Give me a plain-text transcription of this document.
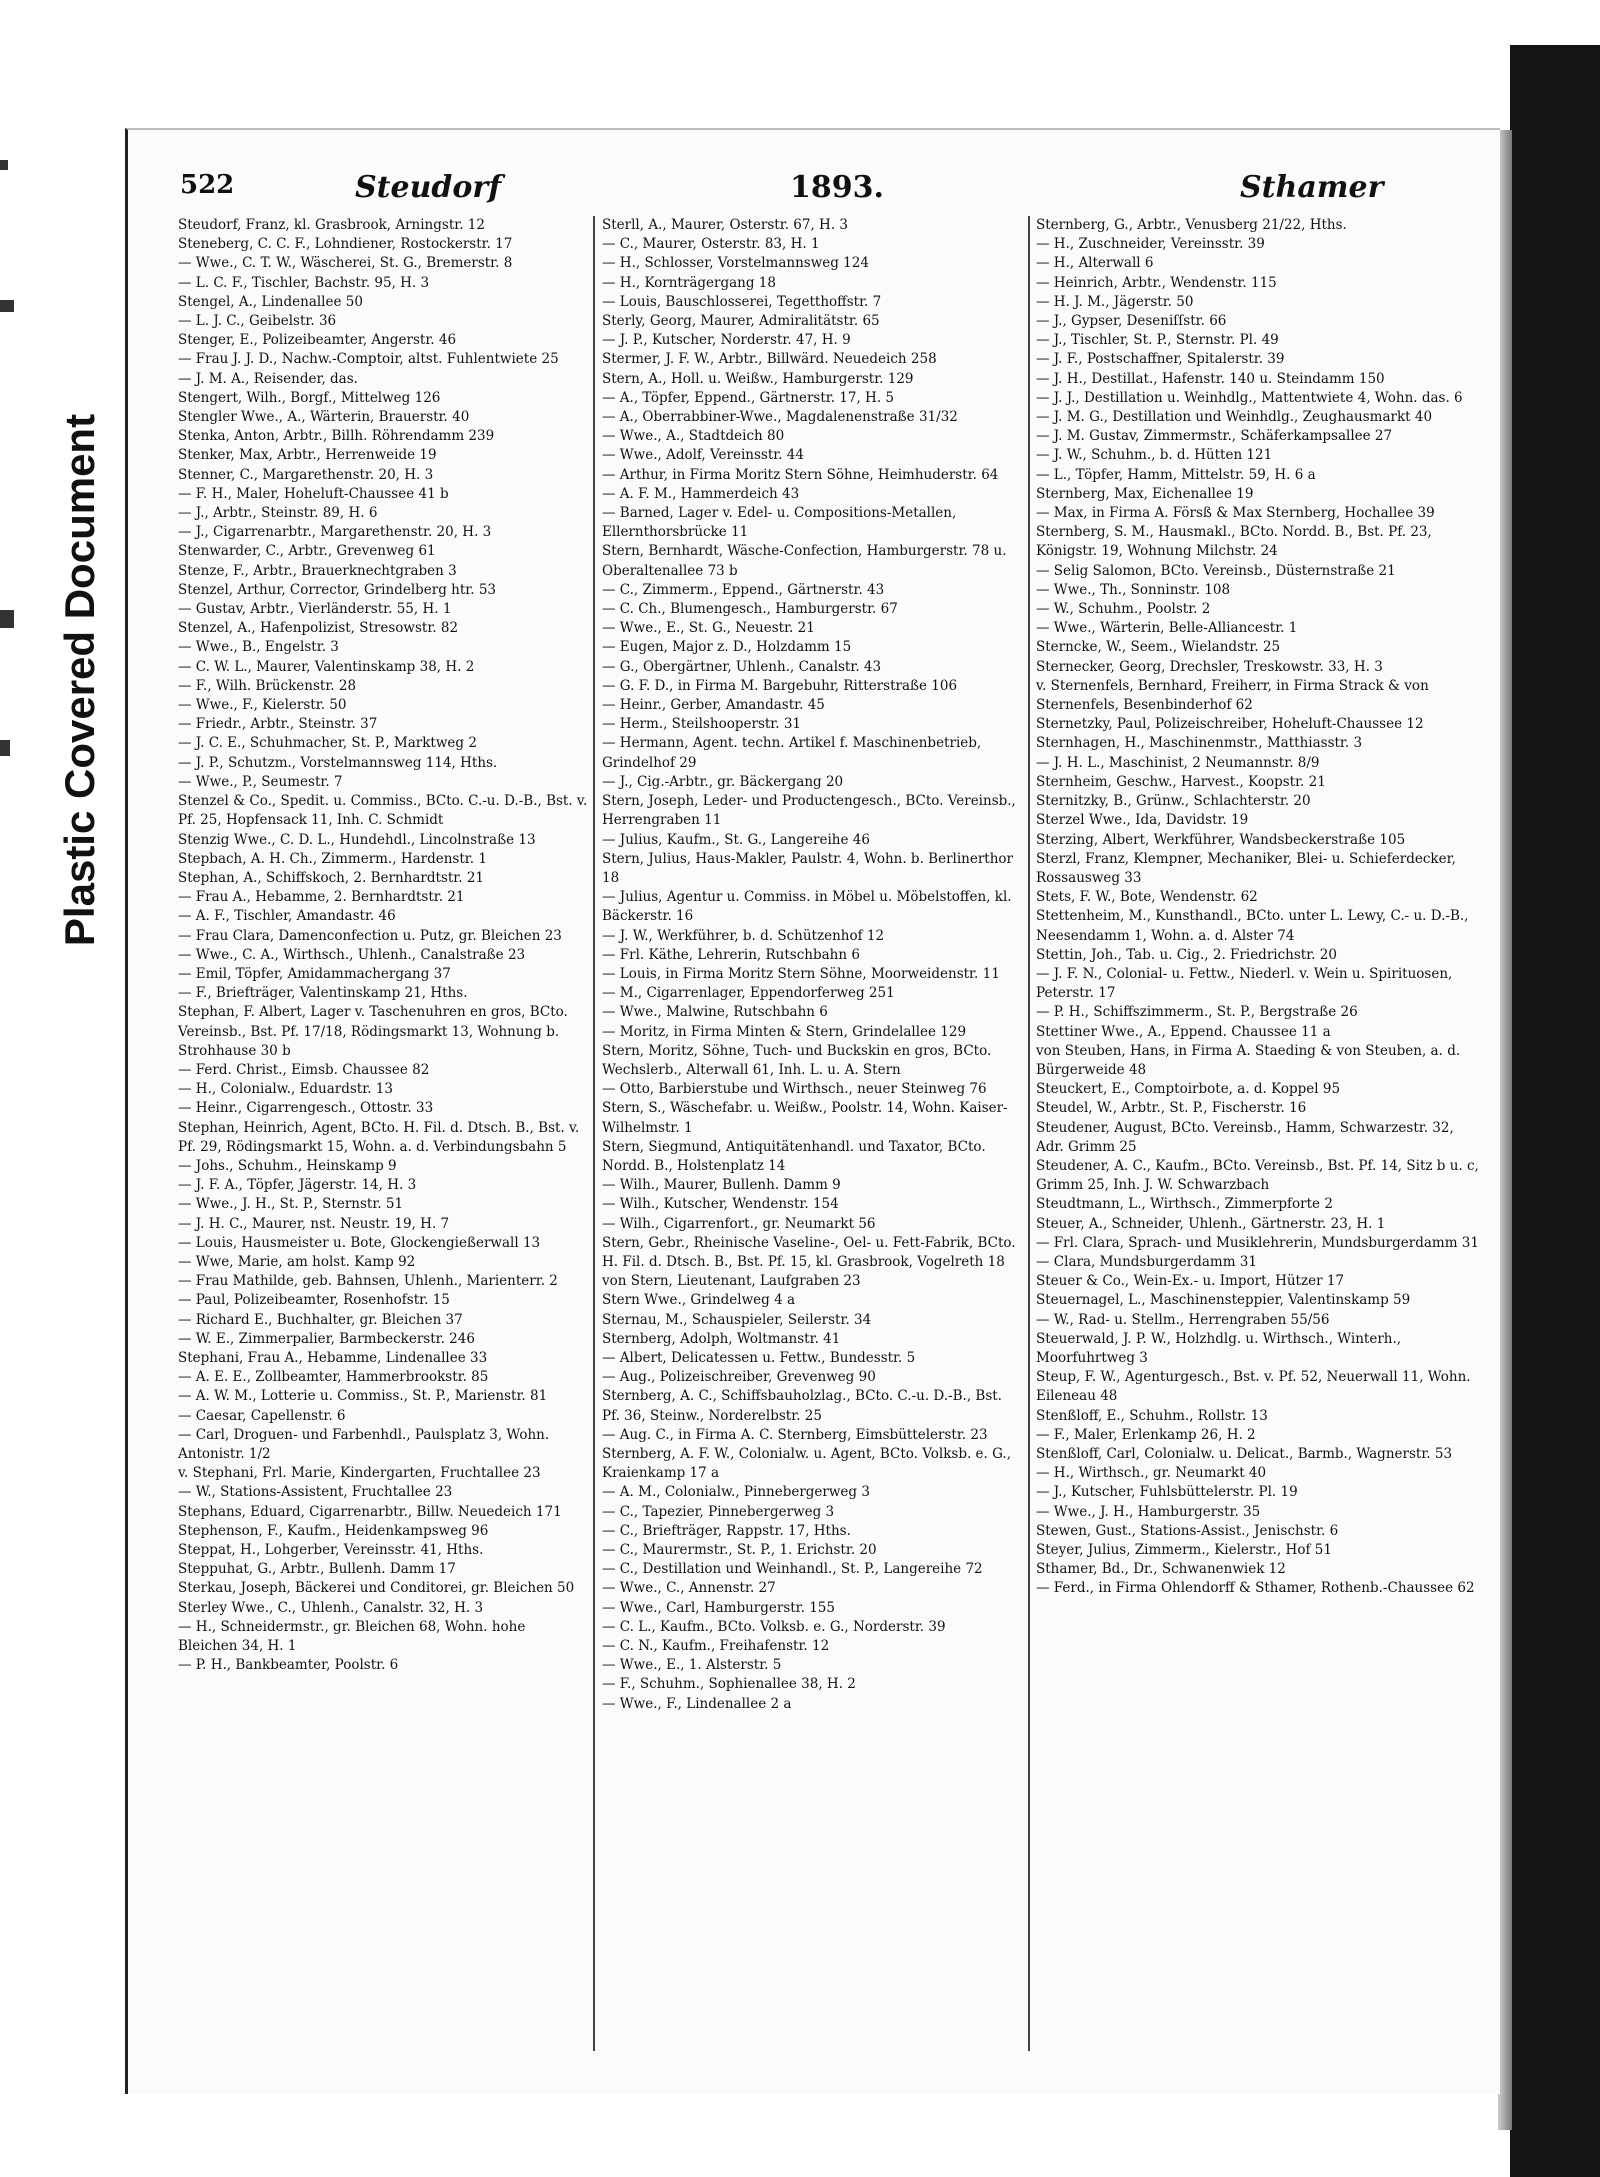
Plastic Covered Document
522	Steudorf	1893.	Sthamer
Steudorf, Franz, kl. Grasbrook, Arningstr. 12
Steneberg, C. C. F., Lohndiener, Rostockerstr. 17
— Wwe., C. T. W., Wäscherei, St. G., Bremerstr. 8
— L. C. F., Tischler, Bachstr. 95, H. 3
Stengel, A., Lindenallee 50
— L. J. C., Geibelstr. 36
Stenger, E., Polizeibeamter, Angerstr. 46
— Frau J. J. D., Nachw.-Comptoir, altst. Fuhlentwiete 25
— J. M. A., Reisender, das.
Stengert, Wilh., Borgf., Mittelweg 126
Stengler Wwe., A., Wärterin, Brauerstr. 40
Stenka, Anton, Arbtr., Billh. Röhrendamm 239
Stenker, Max, Arbtr., Herrenweide 19
Stenner, C., Margarethenstr. 20, H. 3
— F. H., Maler, Hoheluft-Chaussee 41 b
— J., Arbtr., Steinstr. 89, H. 6
— J., Cigarrenarbtr., Margarethenstr. 20, H. 3
Stenwarder, C., Arbtr., Grevenweg 61
Stenze, F., Arbtr., Brauerknechtgraben 3
Stenzel, Arthur, Corrector, Grindelberg htr. 53
— Gustav, Arbtr., Vierländerstr. 55, H. 1
Stenzel, A., Hafenpolizist, Stresowstr. 82
— Wwe., B., Engelstr. 3
— C. W. L., Maurer, Valentinskamp 38, H. 2
— F., Wilh. Brückenstr. 28
— Wwe., F., Kielerstr. 50
— Friedr., Arbtr., Steinstr. 37
— J. C. E., Schuhmacher, St. P., Marktweg 2
— J. P., Schutzm., Vorstelmannsweg 114, Hths.
— Wwe., P., Seumestr. 7
Stenzel & Co., Spedit. u. Commiss., BCto. C.-u. D.-B., Bst. v. Pf. 25, Hopfensack 11, Inh. C. Schmidt
Stenzig Wwe., C. D. L., Hundehdl., Lincolnstraße 13
Stepbach, A. H. Ch., Zimmerm., Hardenstr. 1
Stephan, A., Schiffskoch, 2. Bernhardtstr. 21
— Frau A., Hebamme, 2. Bernhardtstr. 21
— A. F., Tischler, Amandastr. 46
— Frau Clara, Damenconfection u. Putz, gr. Bleichen 23
— Wwe., C. A., Wirthsch., Uhlenh., Canalstraße 23
— Emil, Töpfer, Amidammachergang 37
— F., Briefträger, Valentinskamp 21, Hths.
Stephan, F. Albert, Lager v. Taschenuhren en gros, BCto. Vereinsb., Bst. Pf. 17/18, Rödingsmarkt 13, Wohnung b. Strohhause 30 b
— Ferd. Christ., Eimsb. Chaussee 82
— H., Colonialw., Eduardstr. 13
— Heinr., Cigarrengesch., Ottostr. 33
Stephan, Heinrich, Agent, BCto. H. Fil. d. Dtsch. B., Bst. v. Pf. 29, Rödingsmarkt 15, Wohn. a. d. Verbindungsbahn 5
— Johs., Schuhm., Heinskamp 9
— J. F. A., Töpfer, Jägerstr. 14, H. 3
— Wwe., J. H., St. P., Sternstr. 51
— J. H. C., Maurer, nst. Neustr. 19, H. 7
— Louis, Hausmeister u. Bote, Glockengießerwall 13
— Wwe, Marie, am holst. Kamp 92
— Frau Mathilde, geb. Bahnsen, Uhlenh., Marienterr. 2
— Paul, Polizeibeamter, Rosenhofstr. 15
— Richard E., Buchhalter, gr. Bleichen 37
— W. E., Zimmerpalier, Barmbeckerstr. 246
Stephani, Frau A., Hebamme, Lindenallee 33
— A. E. E., Zollbeamter, Hammerbrookstr. 85
— A. W. M., Lotterie u. Commiss., St. P., Marienstr. 81
— Caesar, Capellenstr. 6
— Carl, Droguen- und Farbenhdl., Paulsplatz 3, Wohn. Antonistr. 1/2
v. Stephani, Frl. Marie, Kindergarten, Fruchtallee 23
— W., Stations-Assistent, Fruchtallee 23
Stephans, Eduard, Cigarrenarbtr., Billw. Neuedeich 171
Stephenson, F., Kaufm., Heidenkampsweg 96
Steppat, H., Lohgerber, Vereinsstr. 41, Hths.
Steppuhat, G., Arbtr., Bullenh. Damm 17
Sterkau, Joseph, Bäckerei und Conditorei, gr. Bleichen 50
Sterley Wwe., C., Uhlenh., Canalstr. 32, H. 3
— H., Schneidermstr., gr. Bleichen 68, Wohn. hohe Bleichen 34, H. 1
— P. H., Bankbeamter, Poolstr. 6
Sterll, A., Maurer, Osterstr. 67, H. 3
— C., Maurer, Osterstr. 83, H. 1
— H., Schlosser, Vorstelmannsweg 124
— H., Kornträgergang 18
— Louis, Bauschlosserei, Tegetthoffstr. 7
Sterly, Georg, Maurer, Admiralitätstr. 65
— J. P., Kutscher, Norderstr. 47, H. 9
Stermer, J. F. W., Arbtr., Billwärd. Neuedeich 258
Stern, A., Holl. u. Weißw., Hamburgerstr. 129
— A., Töpfer, Eppend., Gärtnerstr. 17, H. 5
— A., Oberrabbiner-Wwe., Magdalenenstraße 31/32
— Wwe., A., Stadtdeich 80
— Wwe., Adolf, Vereinsstr. 44
— Arthur, in Firma Moritz Stern Söhne, Heimhuderstr. 64
— A. F. M., Hammerdeich 43
— Barned, Lager v. Edel- u. Compositions-Metallen, Ellernthorsbrücke 11
Stern, Bernhardt, Wäsche-Confection, Hamburgerstr. 78 u. Oberaltenallee 73 b
— C., Zimmerm., Eppend., Gärtnerstr. 43
— C. Ch., Blumengesch., Hamburgerstr. 67
— Wwe., E., St. G., Neuestr. 21
— Eugen, Major z. D., Holzdamm 15
— G., Obergärtner, Uhlenh., Canalstr. 43
— G. F. D., in Firma M. Bargebuhr, Ritterstraße 106
— Heinr., Gerber, Amandastr. 45
— Herm., Steilshooperstr. 31
— Hermann, Agent. techn. Artikel f. Maschinenbetrieb, Grindelhof 29
— J., Cig.-Arbtr., gr. Bäckergang 20
Stern, Joseph, Leder- und Productengesch., BCto. Vereinsb., Herrengraben 11
— Julius, Kaufm., St. G., Langereihe 46
Stern, Julius, Haus-Makler, Paulstr. 4, Wohn. b. Berlinerthor 18
— Julius, Agentur u. Commiss. in Möbel u. Möbelstoffen, kl. Bäckerstr. 16
— J. W., Werkführer, b. d. Schützenhof 12
— Frl. Käthe, Lehrerin, Rutschbahn 6
— Louis, in Firma Moritz Stern Söhne, Moorweidenstr. 11
— M., Cigarrenlager, Eppendorferweg 251
— Wwe., Malwine, Rutschbahn 6
— Moritz, in Firma Minten & Stern, Grindelallee 129
Stern, Moritz, Söhne, Tuch- und Buckskin en gros, BCto. Wechslerb., Alterwall 61, Inh. L. u. A. Stern
— Otto, Barbierstube und Wirthsch., neuer Steinweg 76
Stern, S., Wäschefabr. u. Weißw., Poolstr. 14, Wohn. Kaiser-Wilhelmstr. 1
Stern, Siegmund, Antiquitätenhandl. und Taxator, BCto. Nordd. B., Holstenplatz 14
— Wilh., Maurer, Bullenh. Damm 9
— Wilh., Kutscher, Wendenstr. 154
— Wilh., Cigarrenfort., gr. Neumarkt 56
Stern, Gebr., Rheinische Vaseline-, Oel- u. Fett-Fabrik, BCto. H. Fil. d. Dtsch. B., Bst. Pf. 15, kl. Grasbrook, Vogelreth 18
von Stern, Lieutenant, Laufgraben 23
Stern Wwe., Grindelweg 4 a
Sternau, M., Schauspieler, Seilerstr. 34
Sternberg, Adolph, Woltmanstr. 41
— Albert, Delicatessen u. Fettw., Bundesstr. 5
— Aug., Polizeischreiber, Grevenweg 90
Sternberg, A. C., Schiffsbauholzlag., BCto. C.-u. D.-B., Bst. Pf. 36, Steinw., Norderelbstr. 25
— Aug. C., in Firma A. C. Sternberg, Eimsbüttelerstr. 23
Sternberg, A. F. W., Colonialw. u. Agent, BCto. Volksb. e. G., Kraienkamp 17 a
— A. M., Colonialw., Pinnebergerweg 3
— C., Tapezier, Pinnebergerweg 3
— C., Briefträger, Rappstr. 17, Hths.
— C., Maurermstr., St. P., 1. Erichstr. 20
— C., Destillation und Weinhandl., St. P., Langereihe 72
— Wwe., C., Annenstr. 27
— Wwe., Carl, Hamburgerstr. 155
— C. L., Kaufm., BCto. Volksb. e. G., Norderstr. 39
— C. N., Kaufm., Freihafenstr. 12
— Wwe., E., 1. Alsterstr. 5
— F., Schuhm., Sophienallee 38, H. 2
— Wwe., F., Lindenallee 2 a
Sternberg, G., Arbtr., Venusberg 21/22, Hths.
— H., Zuschneider, Vereinsstr. 39
— H., Alterwall 6
— Heinrich, Arbtr., Wendenstr. 115
— H. J. M., Jägerstr. 50
— J., Gypser, Deseniſſstr. 66
— J., Tischler, St. P., Sternstr. Pl. 49
— J. F., Postschaffner, Spitalerstr. 39
— J. H., Destillat., Hafenstr. 140 u. Steindamm 150
— J. J., Destillation u. Weinhdlg., Mattentwiete 4, Wohn. das. 6
— J. M. G., Destillation und Weinhdlg., Zeughausmarkt 40
— J. M. Gustav, Zimmermstr., Schäferkampsallee 27
— J. W., Schuhm., b. d. Hütten 121
— L., Töpfer, Hamm, Mittelstr. 59, H. 6 a
Sternberg, Max, Eichenallee 19
— Max, in Firma A. Försß & Max Sternberg, Hochallee 39
Sternberg, S. M., Hausmakl., BCto. Nordd. B., Bst. Pf. 23, Königstr. 19, Wohnung Milchstr. 24
— Selig Salomon, BCto. Vereinsb., Düsternstraße 21
— Wwe., Th., Sonninstr. 108
— W., Schuhm., Poolstr. 2
— Wwe., Wärterin, Belle-Alliancestr. 1
Sterncke, W., Seem., Wielandstr. 25
Sternecker, Georg, Drechsler, Treskowstr. 33, H. 3
v. Sternenfels, Bernhard, Freiherr, in Firma Strack & von Sternenfels, Besenbinderhof 62
Sternetzky, Paul, Polizeischreiber, Hoheluft-Chaussee 12
Sternhagen, H., Maschinenmstr., Matthiasstr. 3
— J. H. L., Maschinist, 2 Neumannstr. 8/9
Sternheim, Geschw., Harvest., Koopstr. 21
Sternitzky, B., Grünw., Schlachterstr. 20
Sterzel Wwe., Ida, Davidstr. 19
Sterzing, Albert, Werkführer, Wandsbeckerstraße 105
Sterzl, Franz, Klempner, Mechaniker, Blei- u. Schieferdecker, Rossausweg 33
Stets, F. W., Bote, Wendenstr. 62
Stettenheim, M., Kunsthandl., BCto. unter L. Lewy, C.- u. D.-B., Neesendamm 1, Wohn. a. d. Alster 74
Stettin, Joh., Tab. u. Cig., 2. Friedrichstr. 20
— J. F. N., Colonial- u. Fettw., Niederl. v. Wein u. Spirituosen, Peterstr. 17
— P. H., Schiffszimmerm., St. P., Bergstraße 26
Stettiner Wwe., A., Eppend. Chaussee 11 a
von Steuben, Hans, in Firma A. Staeding & von Steuben, a. d. Bürgerweide 48
Steuckert, E., Comptoirbote, a. d. Koppel 95
Steudel, W., Arbtr., St. P., Fischerstr. 16
Steudener, August, BCto. Vereinsb., Hamm, Schwarzestr. 32, Adr. Grimm 25
Steudener, A. C., Kaufm., BCto. Vereinsb., Bst. Pf. 14, Sitz b u. c, Grimm 25, Inh. J. W. Schwarzbach
Steudtmann, L., Wirthsch., Zimmerpforte 2
Steuer, A., Schneider, Uhlenh., Gärtnerstr. 23, H. 1
— Frl. Clara, Sprach- und Musiklehrerin, Mundsburgerdamm 31
— Clara, Mundsburgerdamm 31
Steuer & Co., Wein-Ex.- u. Import, Hützer 17
Steuernagel, L., Maschinensteppier, Valentinskamp 59
— W., Rad- u. Stellm., Herrengraben 55/56
Steuerwald, J. P. W., Holzhdlg. u. Wirthsch., Winterh., Moorfuhrtweg 3
Steup, F. W., Agenturgesch., Bst. v. Pf. 52, Neuerwall 11, Wohn. Eileneau 48
Stenßloff, E., Schuhm., Rollstr. 13
— F., Maler, Erlenkamp 26, H. 2
Stenßloff, Carl, Colonialw. u. Delicat., Barmb., Wagnerstr. 53
— H., Wirthsch., gr. Neumarkt 40
— J., Kutscher, Fuhlsbüttelerstr. Pl. 19
— Wwe., J. H., Hamburgerstr. 35
Stewen, Gust., Stations-Assist., Jenischstr. 6
Steyer, Julius, Zimmerm., Kielerstr., Hof 51
Sthamer, Bd., Dr., Schwanenwiek 12
— Ferd., in Firma Ohlendorff & Sthamer, Rothenb.-Chaussee 62
